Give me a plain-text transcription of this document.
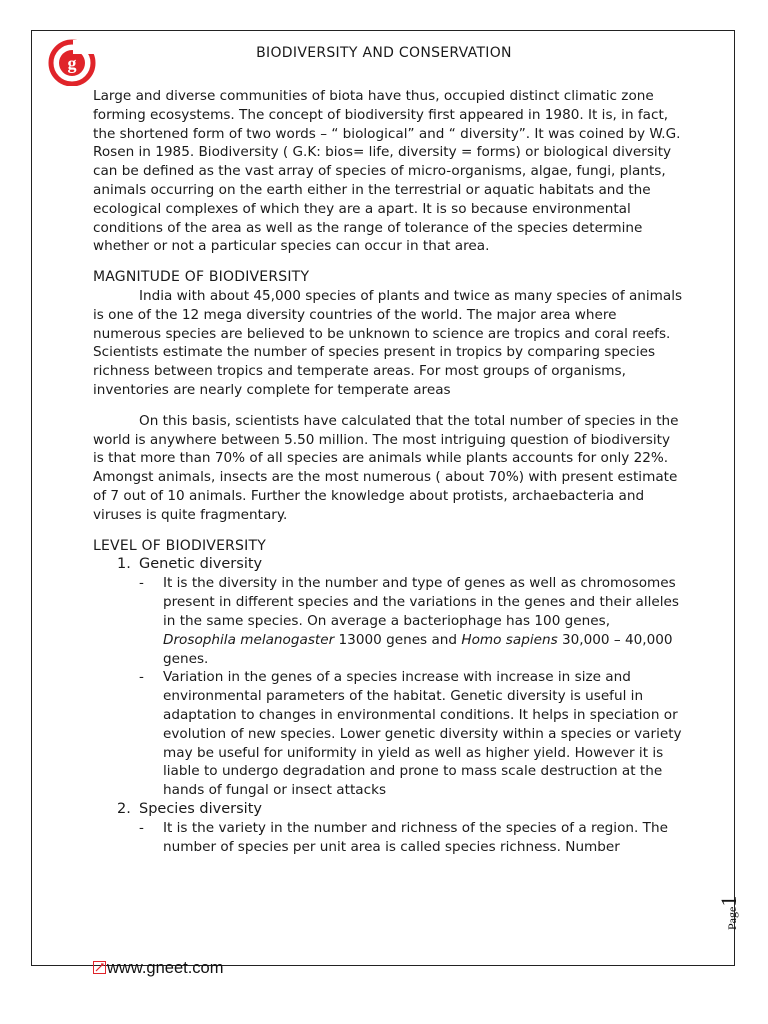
g	BIODIVERSITY AND CONSERVATION

Large and diverse communities of biota have thus, occupied distinct climatic zone forming ecosystems. The concept of biodiversity first appeared in 1980. It is, in fact, the shortened form of two words – “ biological” and “ diversity”. It was coined by W.G. Rosen in 1985. Biodiversity ( G.K: bios= life, diversity = forms) or biological diversity can be defined as the vast array of species of micro-organisms, algae, fungi, plants, animals occurring on the earth either in the terrestrial or aquatic habitats and the ecological complexes of which they are a apart. It is so because environmental conditions of the area as well as the range of tolerance of the species determine whether or not a particular species can occur in that area.

MAGNITUDE OF BIODIVERSITY

India with about 45,000 species of plants and twice as many species of animals is one of the 12 mega diversity countries of the world. The major area where numerous species are believed to be unknown to science are tropics and coral reefs. Scientists estimate the number of species present in tropics by comparing species richness between tropics and temperate areas. For most groups of organisms, inventories are nearly complete for temperate areas

On this basis, scientists have calculated that the total number of species in the world is anywhere between 5.50 million. The most intriguing question of biodiversity is that more than 70% of all species are animals while plants accounts for only 22%. Amongst animals, insects are the most numerous ( about 70%) with present estimate of 7 out of 10 animals. Further the knowledge about protists, archaebacteria and viruses is quite fragmentary.

LEVEL OF BIODIVERSITY

1. Genetic diversity
- It is the diversity in the number and type of genes as well as chromosomes present in different species and the variations in the genes and their alleles in the same species. On average a bacteriophage has 100 genes, Drosophila melanogaster 13000 genes and Homo sapiens 30,000 – 40,000 genes.
- Variation in the genes of a species increase with increase in size and environmental parameters of the habitat. Genetic diversity is useful in adaptation to changes in environmental conditions. It helps in speciation or evolution of new species. Lower genetic diversity within a species or variety may be useful for uniformity in yield as well as higher yield. However it is liable to undergo degradation and prone to mass scale destruction at the hands of fungal or insect attacks
2. Species diversity
- It is the variety in the number and richness of the species of a region. The number of species per unit area is called species richness. Number
Page1
www.gneet.com
